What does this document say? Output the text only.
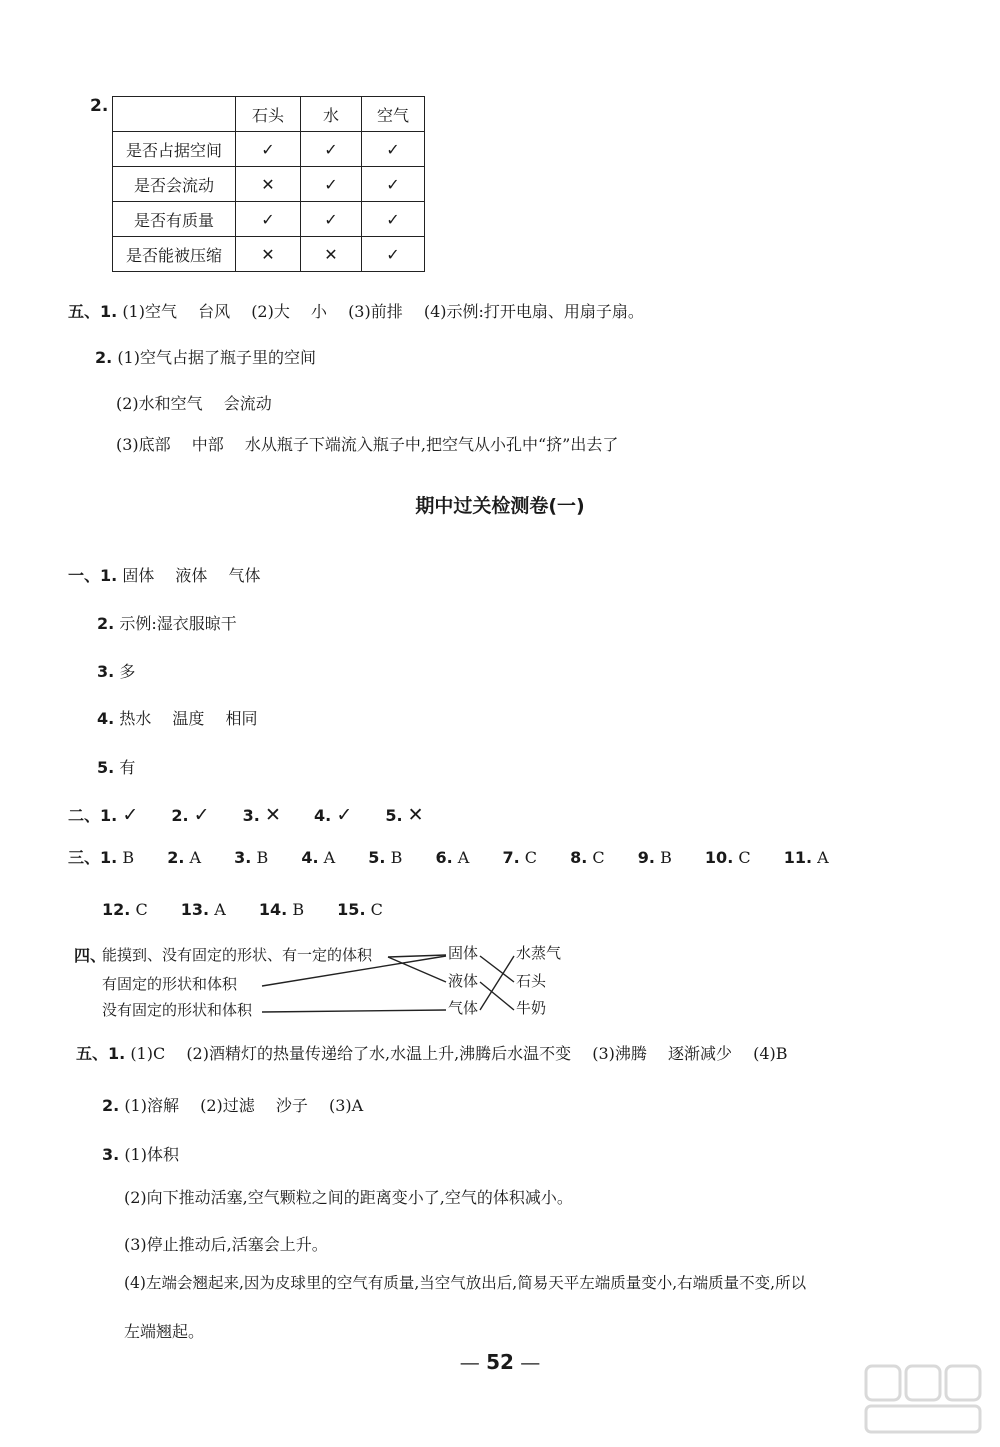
2.
		石头	水	空气
是否占据空间	✓	✓	✓
是否会流动	✕	✓	✓
是否有质量	✓	✓	✓
是否能被压缩	✕	✕	✓
五、1. (1)空气 台风 (2)大 小 (3)前排 (4)示例:打开电扇、用扇子扇。
2. (1)空气占据了瓶子里的空间
(2)水和空气 会流动
(3)底部 中部 水从瓶子下端流入瓶子中,把空气从小孔中“挤”出去了
期中过关检测卷(一)
一、1. 固体 液体 气体
2. 示例:湿衣服晾干
3. 多
4. 热水 温度 相同
5. 有
二、1. ✓ 2. ✓ 3. ✕ 4. ✓ 5. ✕
三、1. B 2. A 3. B 4. A 5. B 6. A 7. C 8. C 9. B 10. C 11. A
12. C 13. A 14. B 15. C
四、
能摸到、没有固定的形状、有一定的体积
有固定的形状和体积
没有固定的形状和体积
固体
液体
气体
水蒸气
石头
牛奶
五、1. (1)C (2)酒精灯的热量传递给了水,水温上升,沸腾后水温不变 (3)沸腾 逐渐减少 (4)B
2. (1)溶解 (2)过滤 沙子 (3)A
3. (1)体积
(2)向下推动活塞,空气颗粒之间的距离变小了,空气的体积减小。
(3)停止推动后,活塞会上升。
(4)左端会翘起来,因为皮球里的空气有质量,当空气放出后,简易天平左端质量变小,右端质量不变,所以
左端翘起。
— 52 —
